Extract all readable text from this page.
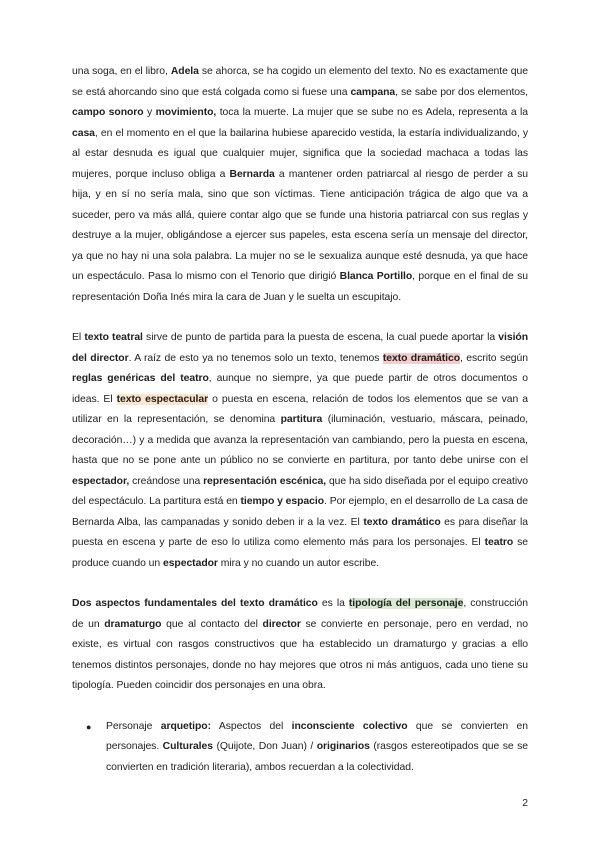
una soga, en el libro, Adela se ahorca, se ha cogido un elemento del texto. No es exactamente que se está ahorcando sino que está colgada como si fuese una campana, se sabe por dos elementos, campo sonoro y movimiento, toca la muerte. La mujer que se sube no es Adela, representa a la casa, en el momento en el que la bailarina hubiese aparecido vestida, la estaría individualizando, y al estar desnuda es igual que cualquier mujer, significa que la sociedad machaca a todas las mujeres, porque incluso obliga a Bernarda a mantener orden patriarcal al riesgo de perder a su hija, y en sí no sería mala, sino que son víctimas. Tiene anticipación trágica de algo que va a suceder, pero va más allá, quiere contar algo que se funde una historia patriarcal con sus reglas y destruye a la mujer, obligándose a ejercer sus papeles, esta escena sería un mensaje del director, ya que no hay ni una sola palabra. La mujer no se le sexualiza aunque esté desnuda, ya que hace un espectáculo. Pasa lo mismo con el Tenorio que dirigió Blanca Portillo, porque en el final de su representación Doña Inés mira la cara de Juan y le suelta un escupitajo.

El texto teatral sirve de punto de partida para la puesta de escena, la cual puede aportar la visión del director. A raíz de esto ya no tenemos solo un texto, tenemos texto dramático, escrito según reglas genéricas del teatro, aunque no siempre, ya que puede partir de otros documentos o ideas. El texto espectacular o puesta en escena, relación de todos los elementos que se van a utilizar en la representación, se denomina partitura (iluminación, vestuario, máscara, peinado, decoración…) y a medida que avanza la representación van cambiando, pero la puesta en escena, hasta que no se pone ante un público no se convierte en partitura, por tanto debe unirse con el espectador, creándose una representación escénica, que ha sido diseñada por el equipo creativo del espectáculo. La partitura está en tiempo y espacio. Por ejemplo, en el desarrollo de La casa de Bernarda Alba, las campanadas y sonido deben ir a la vez. El texto dramático es para diseñar la puesta en escena y parte de eso lo utiliza como elemento más para los personajes. El teatro se produce cuando un espectador mira y no cuando un autor escribe.

Dos aspectos fundamentales del texto dramático es la tipología del personaje, construcción de un dramaturgo que al contacto del director se convierte en personaje, pero en verdad, no existe, es virtual con rasgos constructivos que ha establecido un dramaturgo y gracias a ello tenemos distintos personajes, donde no hay mejores que otros ni más antiguos, cada uno tiene su tipología. Pueden coincidir dos personajes en una obra.

● Personaje arquetipo: Aspectos del inconsciente colectivo que se convierten en personajes. Culturales (Quijote, Don Juan) / originarios (rasgos estereotipados que se se convierten en tradición literaria), ambos recuerdan a la colectividad.
2
